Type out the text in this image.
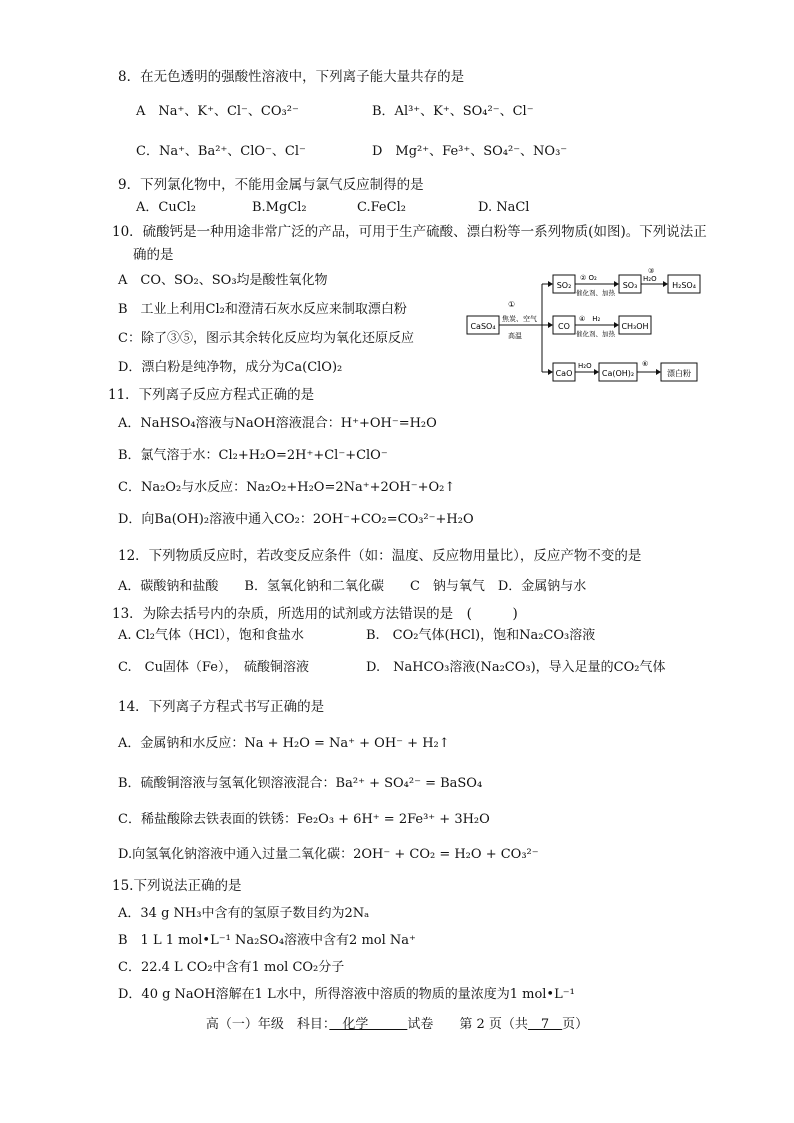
8．在无色透明的强酸性溶液中，下列离子能大量共存的是
A　Na⁺、K⁺、Cl⁻、CO₃²⁻	B．Al³⁺、K⁺、SO₄²⁻、Cl⁻
C．Na⁺、Ba²⁺、ClO⁻、Cl⁻	D　Mg²⁺、Fe³⁺、SO₄²⁻、NO₃⁻
9．下列氯化物中，不能用金属与氯气反应制得的是
A．CuCl₂	B.MgCl₂	C.FeCl₂	D. NaCl
10．硫酸钙是一种用途非常广泛的产品，可用于生产硫酸、漂白粉等一系列物质(如图)。下列说法正
确的是
A　CO、SO₂、SO₃均是酸性氧化物
B　工业上利用Cl₂和澄清石灰水反应来制取漂白粉
C：除了③⑤，图示其余转化反应均为氧化还原反应
D．漂白粉是纯净物，成分为Ca(ClO)₂
CaSO₄
①
焦炭、空气
高温
SO₂
② O₂
催化剂、加热
SO₃
③
H₂O
H₂SO₄
CO
④　H₂
催化剂、加热
CH₃OH
CaO
H₂O
Ca(OH)₂
⑥
漂白粉
11．下列离子反应方程式正确的是
A．NaHSO₄溶液与NaOH溶液混合：H⁺+OH⁻=H₂O
B．氯气溶于水：Cl₂+H₂O=2H⁺+Cl⁻+ClO⁻
C．Na₂O₂与水反应：Na₂O₂+H₂O=2Na⁺+2OH⁻+O₂↑
D．向Ba(OH)₂溶液中通入CO₂：2OH⁻+CO₂=CO₃²⁻+H₂O
12．下列物质反应时，若改变反应条件（如：温度、反应物用量比），反应产物不变的是
A．碳酸钠和盐酸　　B．氢氧化钠和二氧化碳　　C　钠与氧气　D．金属钠与水
13．为除去括号内的杂质，所选用的试剂或方法错误的是　(　　　)
A. Cl₂气体（HCl），饱和食盐水	B.　CO₂气体(HCl)，饱和Na₂CO₃溶液
C.　Cu固体（Fe），　硫酸铜溶液	D.　NaHCO₃溶液(Na₂CO₃)，导入足量的CO₂气体
14．下列离子方程式书写正确的是
A．金属钠和水反应：Na + H₂O = Na⁺ + OH⁻ + H₂↑
B．硫酸铜溶液与氢氧化钡溶液混合：Ba²⁺ + SO₄²⁻ = BaSO₄
C．稀盐酸除去铁表面的铁锈：Fe₂O₃ + 6H⁺ = 2Fe³⁺ + 3H₂O
D.向氢氧化钠溶液中通入过量二氧化碳：2OH⁻ + CO₂ = H₂O + CO₃²⁻
15.下列说法正确的是
A．34 g NH₃中含有的氢原子数目约为2Nₐ
B　1 L 1 mol•L⁻¹ Na₂SO₄溶液中含有2 mol Na⁺
C．22.4 L CO₂中含有1 mol CO₂分子
D．40 g NaOH溶解在1 L水中，所得溶液中溶质的物质的量浓度为1 mol•L⁻¹
高（一）年级　科目：　化学　　　试卷　　第 2 页（共　7　页）
